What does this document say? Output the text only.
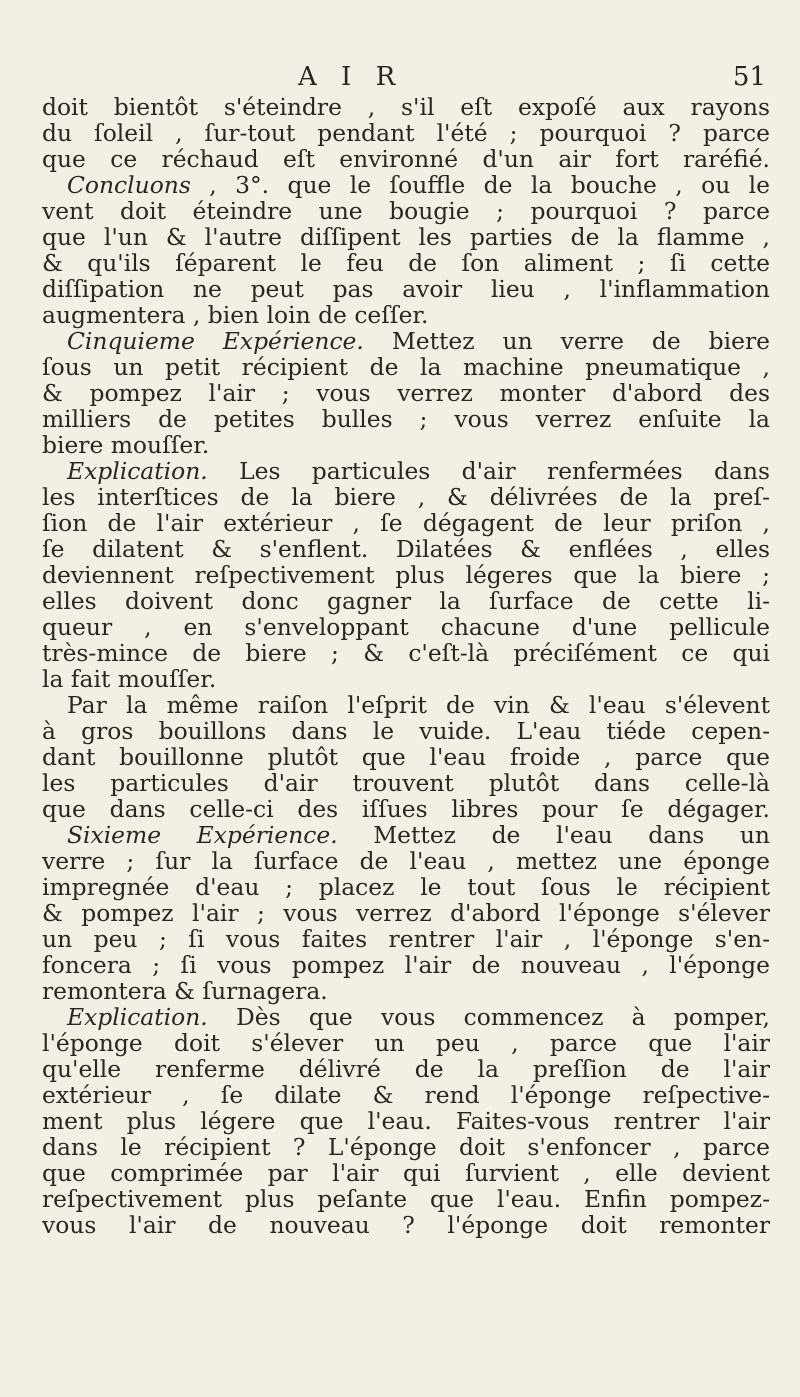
A I R	51
doit bientôt s'éteindre , s'il eſt expoſé aux rayons
du ſoleil , ſur-tout pendant l'été ; pourquoi ? parce
que ce réchaud eſt environné d'un air fort raréfié.
Concluons , 3°. que le ſouffle de la bouche , ou le
vent doit éteindre une bougie ; pourquoi ? parce
que l'un & l'autre diſſipent les parties de la flamme ,
& qu'ils ſéparent le feu de ſon aliment ; ſi cette
diſſipation ne peut pas avoir lieu , l'inflammation
augmentera , bien loin de ceſſer.
Cinquieme Expérience. Mettez un verre de biere
ſous un petit récipient de la machine pneumatique ,
& pompez l'air ; vous verrez monter d'abord des
milliers de petites bulles ; vous verrez enſuite la
biere mouſſer.
Explication. Les particules d'air renfermées dans
les interſtices de la biere , & délivrées de la preſ-
ſion de l'air extérieur , ſe dégagent de leur priſon ,
ſe dilatent & s'enflent. Dilatées & enflées , elles
deviennent reſpectivement plus légeres que la biere ;
elles doivent donc gagner la ſurface de cette li-
queur , en s'enveloppant chacune d'une pellicule
très-mince de biere ; & c'eſt-là préciſément ce qui
la fait mouſſer.
Par la même raiſon l'eſprit de vin & l'eau s'élevent
à gros bouillons dans le vuide. L'eau tiéde cepen-
dant bouillonne plutôt que l'eau froide , parce que
les particules d'air trouvent plutôt dans celle-là
que dans celle-ci des iſſues libres pour ſe dégager.
Sixieme Expérience. Mettez de l'eau dans un
verre ; ſur la ſurface de l'eau , mettez une éponge
impregnée d'eau ; placez le tout ſous le récipient
& pompez l'air ; vous verrez d'abord l'éponge s'élever
un peu ; ſi vous faites rentrer l'air , l'éponge s'en-
foncera ; ſi vous pompez l'air de nouveau , l'éponge
remontera & ſurnagera.
Explication. Dès que vous commencez à pomper,
l'éponge doit s'élever un peu , parce que l'air
qu'elle renferme délivré de la preſſion de l'air
extérieur , ſe dilate & rend l'éponge reſpective-
ment plus légere que l'eau. Faites-vous rentrer l'air
dans le récipient ? L'éponge doit s'enfoncer , parce
que comprimée par l'air qui ſurvient , elle devient
reſpectivement plus peſante que l'eau. Enfin pompez-
vous l'air de nouveau ? l'éponge doit remonter
